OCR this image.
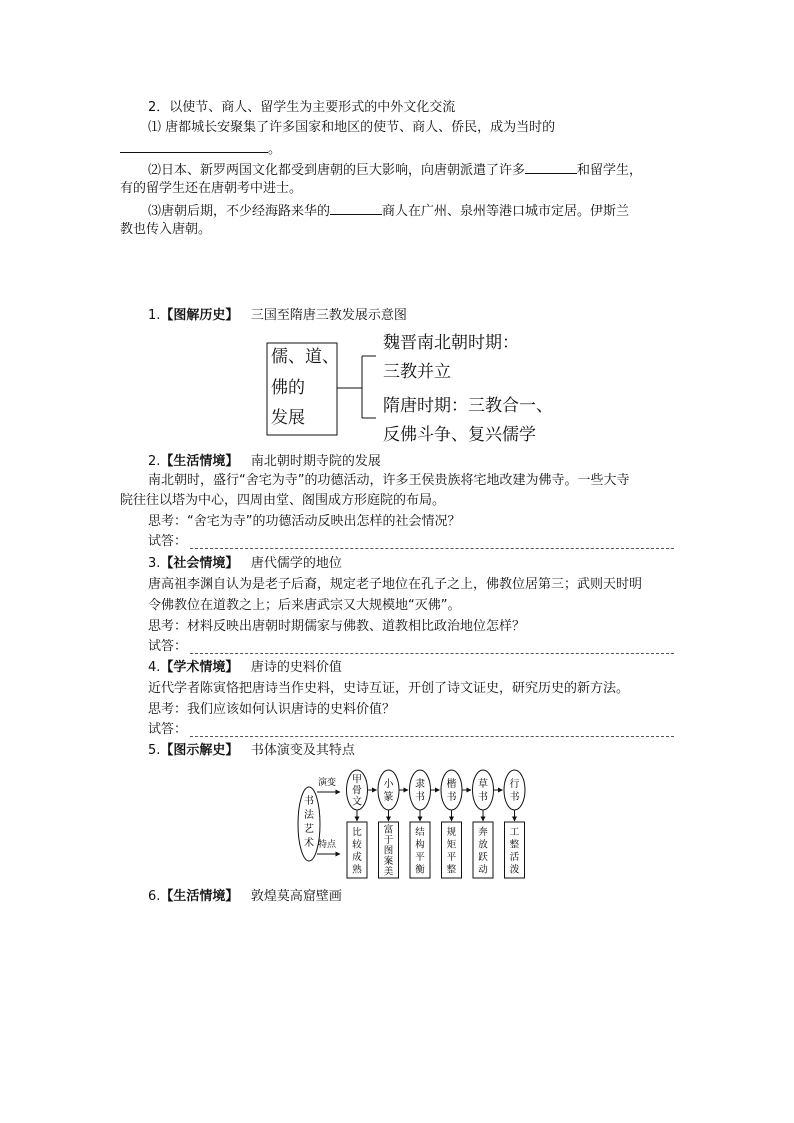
2．以使节、商人、留学生为主要形式的中外文化交流
⑴ 唐都城长安聚集了许多国家和地区的使节、商人、侨民，成为当时的
。
⑵日本、新罗两国文化都受到唐朝的巨大影响，向唐朝派遣了许多	和留学生，
有的留学生还在唐朝考中进士。
⑶唐朝后期，不少经海路来华的	商人在广州、泉州等港口城市定居。伊斯兰
教也传入唐朝。
1.【图解历史】 三国至隋唐三教发展示意图
儒、道、
佛的
发展
魏晋南北朝时期：
三教并立
隋唐时期：三教合一、
反佛斗争、复兴儒学
2.【生活情境】 南北朝时期寺院的发展
南北朝时，盛行“舍宅为寺”的功德活动，许多王侯贵族将宅地改建为佛寺。一些大寺
院往往以塔为中心，四周由堂、阁围成方形庭院的布局。
思考：“舍宅为寺”的功德活动反映出怎样的社会情况？
试答：
3.【社会情境】 唐代儒学的地位
唐高祖李渊自认为是老子后裔，规定老子地位在孔子之上，佛教位居第三；武则天时明
令佛教位在道教之上；后来唐武宗又大规模地“灭佛”。
思考：材料反映出唐朝时期儒家与佛教、道教相比政治地位怎样？
试答：
4.【学术情境】 唐诗的史料价值
近代学者陈寅恪把唐诗当作史料，史诗互证，开创了诗文证史，研究历史的新方法。
思考：我们应该如何认识唐诗的史料价值？
试答：
5.【图示解史】 书体演变及其特点
书
法
艺
术
演变
特点
甲
骨
文
比
较
成
熟
小
篆
富
于
图
案
美
隶
书
结
构
平
衡
楷
书
规
矩
平
整
草
书
奔
放
跃
动
行
书
工
整
活
泼
6.【生活情境】 敦煌莫高窟壁画
